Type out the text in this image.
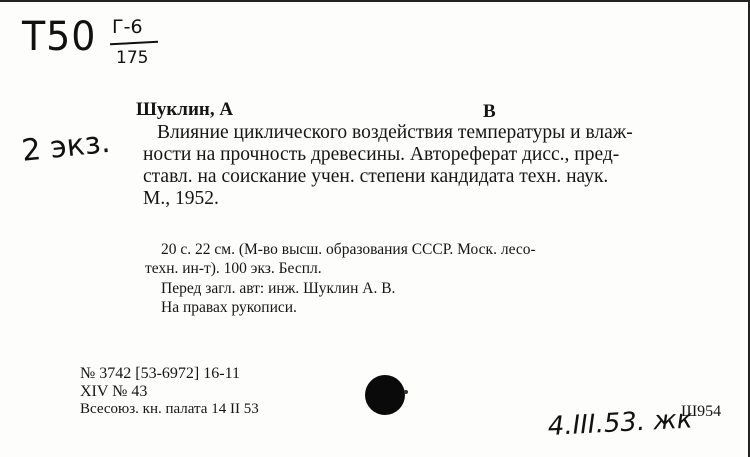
T50 Г-6
175
2 экз.
Шуклин, А	B
Влияние циклического воздействия температуры и влаж-
ности на прочность древесины. Автореферат дисс., пред-
ставл. на соискание учен. степени кандидата техн. наук.
М., 1952.
20 с. 22 см. (М-во высш. образования СССР. Моск. лесо-
техн. ин-т). 100 экз. Беспл.
Перед загл. авт: инж. Шуклин А. В.
На правах рукописи.
№ 3742 [53-6972] 16-11
XIV № 43
Всесоюз. кн. палата 14 II 53	Ш954
4.III.53. жк
